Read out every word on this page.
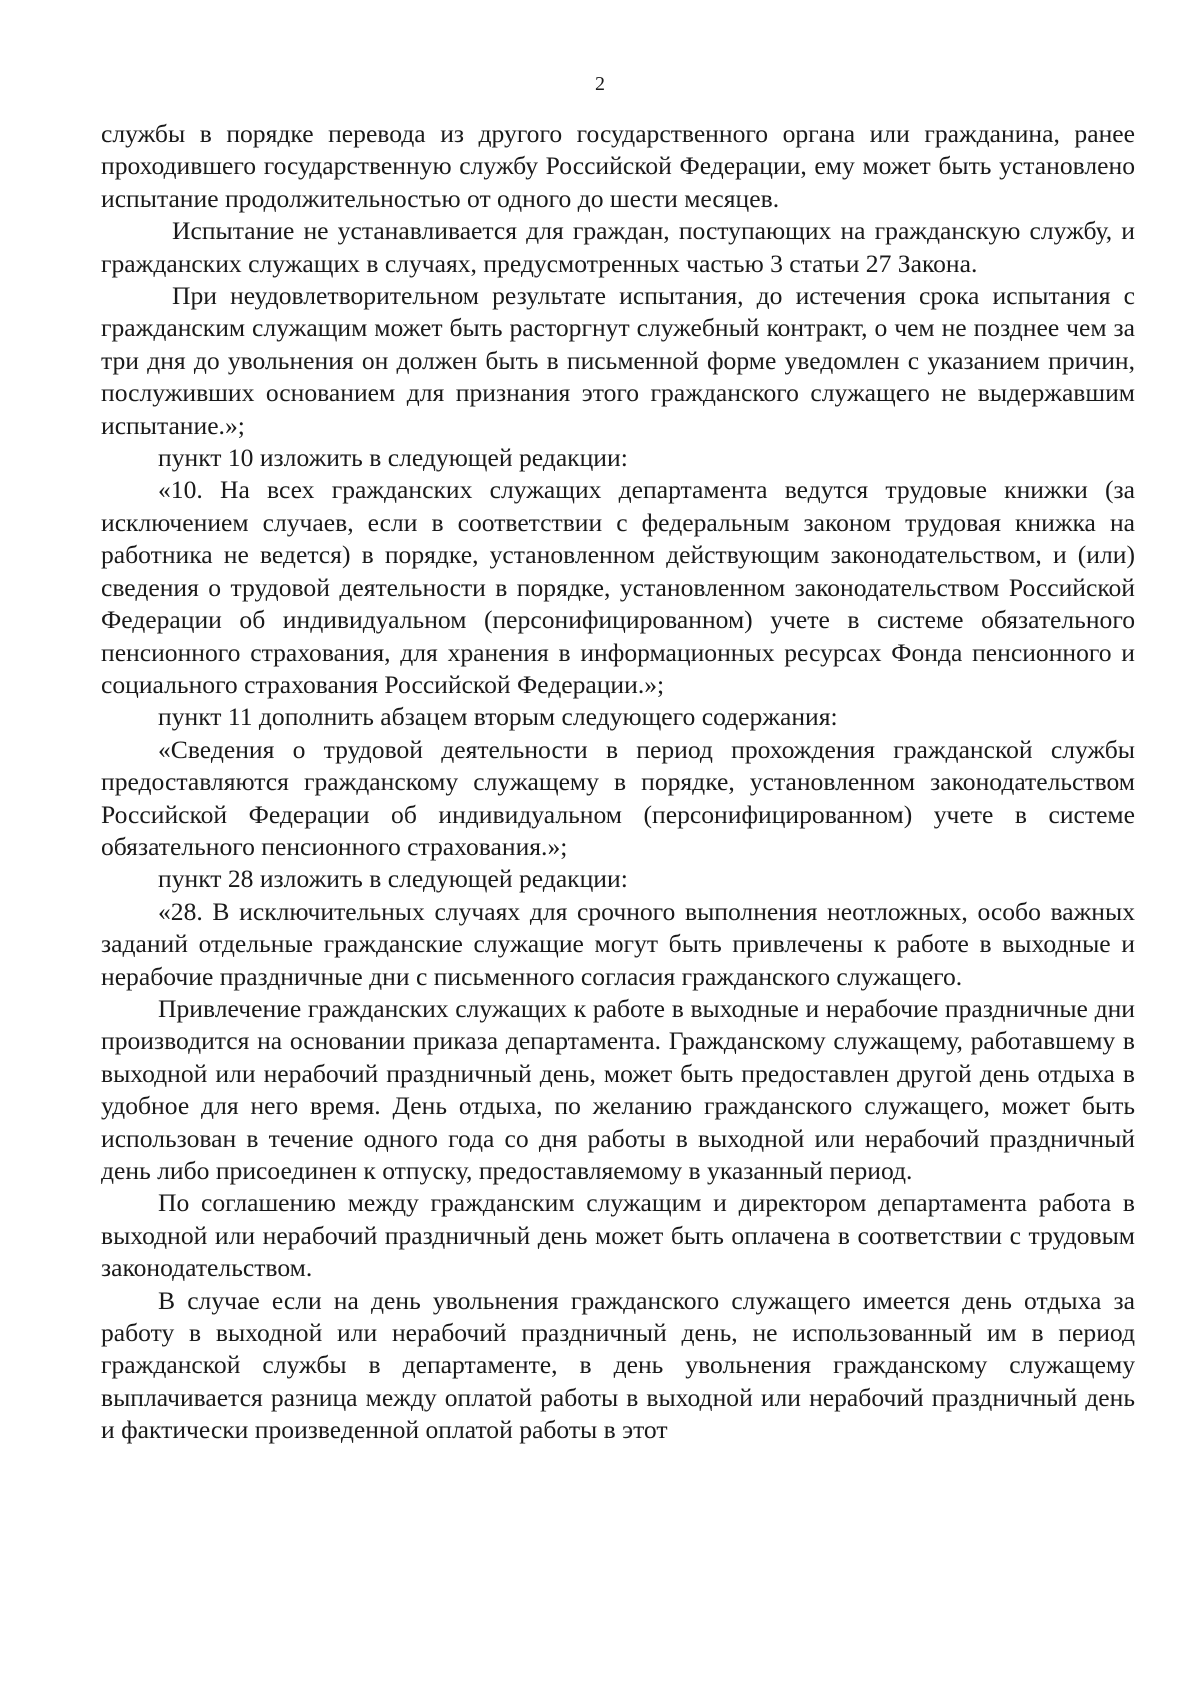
2

службы в порядке перевода из другого государственного органа или гражданина, ранее проходившего государственную службу Российской Федерации, ему может быть установлено испытание продолжительностью от одного до шести месяцев.

Испытание не устанавливается для граждан, поступающих на гражданскую службу, и гражданских служащих в случаях, предусмотренных частью 3 статьи 27 Закона.

При неудовлетворительном результате испытания, до истечения срока испытания с гражданским служащим может быть расторгнут служебный контракт, о чем не позднее чем за три дня до увольнения он должен быть в письменной форме уведомлен с указанием причин, послуживших основанием для признания этого гражданского служащего не выдержавшим испытание.»;

пункт 10 изложить в следующей редакции:

«10. На всех гражданских служащих департамента ведутся трудовые книжки (за исключением случаев, если в соответствии с федеральным законом трудовая книжка на работника не ведется) в порядке, установленном действующим законодательством, и (или) сведения о трудовой деятельности в порядке, установленном законодательством Российской Федерации об индивидуальном (персонифицированном) учете в системе обязательного пенсионного страхования, для хранения в информационных ресурсах Фонда пенсионного и социального страхования Российской Федерации.»;

пункт 11 дополнить абзацем вторым следующего содержания:

«Сведения о трудовой деятельности в период прохождения гражданской службы предоставляются гражданскому служащему в порядке, установленном законодательством Российской Федерации об индивидуальном (персонифицированном) учете в системе обязательного пенсионного страхования.»;

пункт 28 изложить в следующей редакции:

«28. В исключительных случаях для срочного выполнения неотложных, особо важных заданий отдельные гражданские служащие могут быть привлечены к работе в выходные и нерабочие праздничные дни с письменного согласия гражданского служащего.

Привлечение гражданских служащих к работе в выходные и нерабочие праздничные дни производится на основании приказа департамента. Гражданскому служащему, работавшему в выходной или нерабочий праздничный день, может быть предоставлен другой день отдыха в удобное для него время. День отдыха, по желанию гражданского служащего, может быть использован в течение одного года со дня работы в выходной или нерабочий праздничный день либо присоединен к отпуску, предоставляемому в указанный период.

По соглашению между гражданским служащим и директором департамента работа в выходной или нерабочий праздничный день может быть оплачена в соответствии с трудовым законодательством.

В случае если на день увольнения гражданского служащего имеется день отдыха за работу в выходной или нерабочий праздничный день, не использованный им в период гражданской службы в департаменте, в день увольнения гражданскому служащему выплачивается разница между оплатой работы в выходной или нерабочий праздничный день и фактически произведенной оплатой работы в этот
